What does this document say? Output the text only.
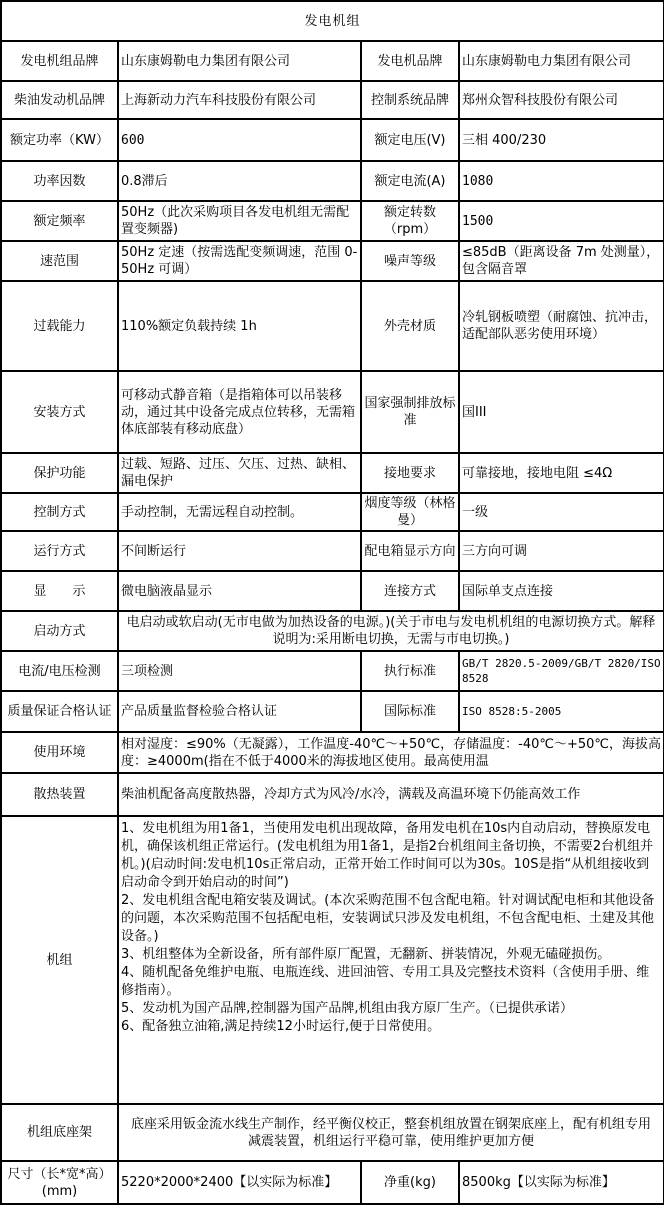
发电机组			
发电机组品牌	山东康姆勒电力集团有限公司	发电机品牌	山东康姆勒电力集团有限公司
柴油发动机品牌	上海新动力汽车科技股份有限公司	控制系统品牌	郑州众智科技股份有限公司
额定功率（KW）	600	额定电压(V)	三相 400/230
功率因数	0.8滞后	额定电流(A)	1080
额定频率	50Hz（此次采购项目各发电机组无需配置变频器)	额定转数（rpm）	1500
速范围	50Hz 定速（按需选配变频调速，范围 0-50Hz 可调）	噪声等级	≤85dB（距离设备 7m 处测量），包含隔音罩
过载能力	110%额定负载持续 1h	外壳材质	冷轧钢板喷塑（耐腐蚀、抗冲击，适配部队恶劣使用环境）
安装方式	可移动式静音箱（是指箱体可以吊装移动，通过其中设备完成点位转移，无需箱体底部装有移动底盘）	国家强制排放标准	国III
保护功能	过载、短路、过压、欠压、过热、缺相、漏电保护	接地要求	可靠接地，接地电阻 ≤4Ω
控制方式	手动控制，无需远程自动控制。	烟度等级（林格曼）	一级
运行方式	不间断运行	配电箱显示方向	三方向可调
显　　示	微电脑液晶显示	连接方式	国际单支点连接
启动方式	电启动或软启动(无市电做为加热设备的电源。)(关于市电与发电机机组的电源切换方式。解释说明为:采用断电切换，无需与市电切换。)		
电流/电压检测	三项检测	执行标准	GB/T 2820.5-2009/GB/T 2820/ISO 8528
质量保证合格认证	产品质量监督检验合格认证	国际标准	ISO 8528:5-2005
使用环境	相对湿度：≤90%（无凝露），工作温度-40℃～+50℃，存储温度：-40℃～+50℃，海拔高度：≥4000m(指在不低于4000米的海拔地区使用。最高使用温		
散热装置	柴油机配备高度散热器，冷却方式为风冷/水冷，满载及高温环境下仍能高效工作		
机组	
1、发电机组为用1备1，当使用发电机出现故障，备用发电机在10s内自动启动，替换原发电机，确保该机组正常运行。(发电机组为用1备1，是指2台机组间主备切换，不需要2台机组并机。)(启动时间:发电机10s正常启动，正常开始工作时间可以为30s。10S是指“从机组接收到启动命令到开始启动的时间”)
2、发电机组含配电箱安装及调试。(本次采购范围不包含配电箱。针对调试配电柜和其他设备的问题，本次采购范围不包括配电柜，安装调试只涉及发电机组，不包含配电柜、土建及其他设备。)
3、机组整体为全新设备，所有部件原厂配置，无翻新、拼装情况，外观无磕碰损伤。
4、随机配备免维护电瓶、电瓶连线、进回油管、专用工具及完整技术资料（含使用手册、维修指南）。
5、发动机为国产品牌,控制器为国产品牌,机组由我方原厂生产。（已提供承诺）
6、配备独立油箱,满足持续12小时运行,便于日常使用。

机组底座架	底座采用钣金流水线生产制作，经平衡仪校正，整套机组放置在钢架底座上，配有机组专用减震装置，机组运行平稳可靠，使用维护更加方便		
尺寸（长*宽*高）(mm)	5220*2000*2400【以实际为标准】	净重(kg)	8500kg【以实际为标准】
